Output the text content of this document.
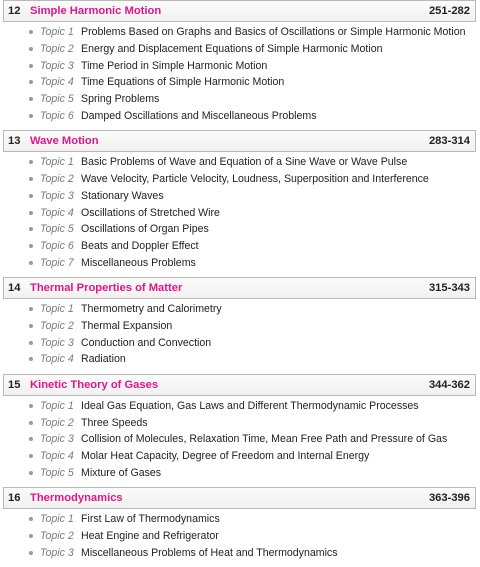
12 Simple Harmonic Motion	251-282
Topic 1 Problems Based on Graphs and Basics of Oscillations or Simple Harmonic Motion
Topic 2 Energy and Displacement Equations of Simple Harmonic Motion
Topic 3 Time Period in Simple Harmonic Motion
Topic 4 Time Equations of Simple Harmonic Motion
Topic 5 Spring Problems
Topic 6 Damped Oscillations and Miscellaneous Problems
13 Wave Motion	283-314
Topic 1 Basic Problems of Wave and Equation of a Sine Wave or Wave Pulse
Topic 2 Wave Velocity, Particle Velocity, Loudness, Superposition and Interference
Topic 3 Stationary Waves
Topic 4 Oscillations of Stretched Wire
Topic 5 Oscillations of Organ Pipes
Topic 6 Beats and Doppler Effect
Topic 7 Miscellaneous Problems
14 Thermal Properties of Matter	315-343
Topic 1 Thermometry and Calorimetry
Topic 2 Thermal Expansion
Topic 3 Conduction and Convection
Topic 4 Radiation
15 Kinetic Theory of Gases	344-362
Topic 1 Ideal Gas Equation, Gas Laws and Different Thermodynamic Processes
Topic 2 Three Speeds
Topic 3 Collision of Molecules, Relaxation Time, Mean Free Path and Pressure of Gas
Topic 4 Molar Heat Capacity, Degree of Freedom and Internal Energy
Topic 5 Mixture of Gases
16 Thermodynamics	363-396
Topic 1 First Law of Thermodynamics
Topic 2 Heat Engine and Refrigerator
Topic 3 Miscellaneous Problems of Heat and Thermodynamics
